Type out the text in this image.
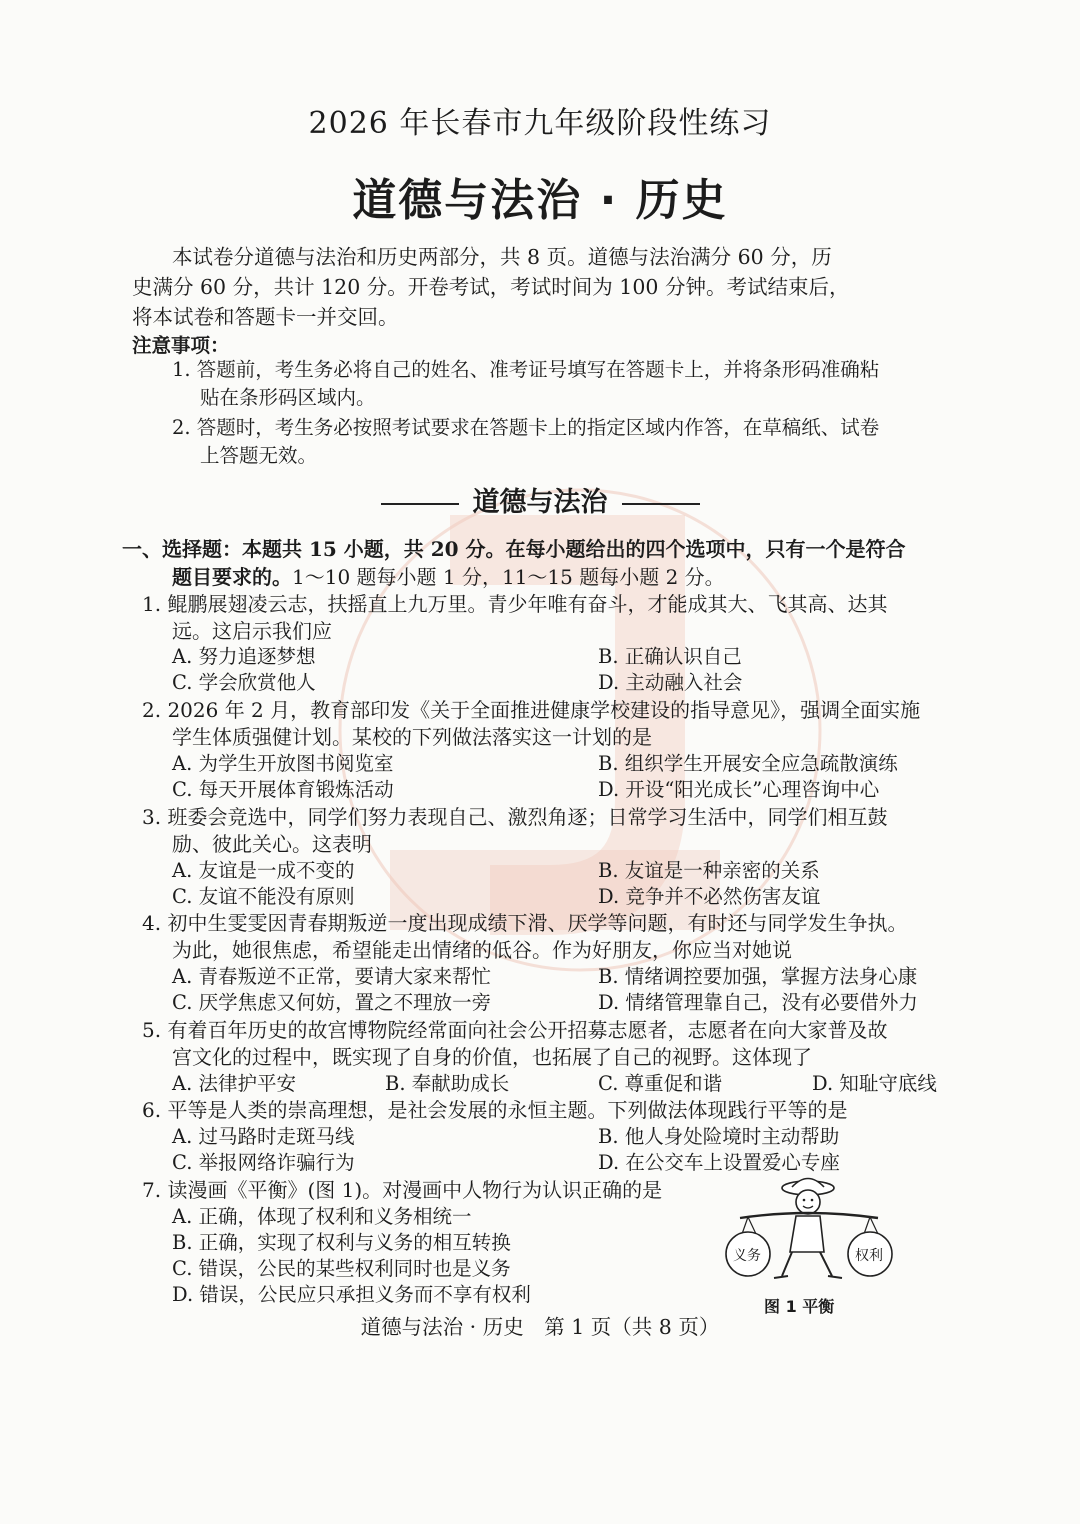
2026 年长春市九年级阶段性练习
道德与法治 · 历史
本试卷分道德与法治和历史两部分，共 8 页。道德与法治满分 60 分，历
史满分 60 分，共计 120 分。开卷考试，考试时间为 100 分钟。考试结束后，
将本试卷和答题卡一并交回。
注意事项：
1. 答题前，考生务必将自己的姓名、准考证号填写在答题卡上，并将条形码准确粘
贴在条形码区域内。
2. 答题时，考生务必按照考试要求在答题卡上的指定区域内作答，在草稿纸、试卷
上答题无效。
道德与法治
一、选择题：本题共 15 小题，共 20 分。在每小题给出的四个选项中，只有一个是符合
题目要求的。1～10 题每小题 1 分，11～15 题每小题 2 分。
1. 鲲鹏展翅凌云志，扶摇直上九万里。青少年唯有奋斗，才能成其大、飞其高、达其
远。这启示我们应
A. 努力追逐梦想	B. 正确认识自己
C. 学会欣赏他人	D. 主动融入社会
2. 2026 年 2 月，教育部印发《关于全面推进健康学校建设的指导意见》，强调全面实施
学生体质强健计划。某校的下列做法落实这一计划的是
A. 为学生开放图书阅览室	B. 组织学生开展安全应急疏散演练
C. 每天开展体育锻炼活动	D. 开设“阳光成长”心理咨询中心
3. 班委会竞选中，同学们努力表现自己、激烈角逐；日常学习生活中，同学们相互鼓
励、彼此关心。这表明
A. 友谊是一成不变的	B. 友谊是一种亲密的关系
C. 友谊不能没有原则	D. 竞争并不必然伤害友谊
4. 初中生雯雯因青春期叛逆一度出现成绩下滑、厌学等问题，有时还与同学发生争执。
为此，她很焦虑，希望能走出情绪的低谷。作为好朋友，你应当对她说
A. 青春叛逆不正常，要请大家来帮忙	B. 情绪调控要加强，掌握方法身心康
C. 厌学焦虑又何妨，置之不理放一旁	D. 情绪管理靠自己，没有必要借外力
5. 有着百年历史的故宫博物院经常面向社会公开招募志愿者，志愿者在向大家普及故
宫文化的过程中，既实现了自身的价值，也拓展了自己的视野。这体现了
A. 法律护平安	B. 奉献助成长	C. 尊重促和谐	D. 知耻守底线
6. 平等是人类的崇高理想，是社会发展的永恒主题。下列做法体现践行平等的是
A. 过马路时走斑马线	B. 他人身处险境时主动帮助
C. 举报网络诈骗行为	D. 在公交车上设置爱心专座
7. 读漫画《平衡》(图 1)。对漫画中人物行为认识正确的是
A. 正确，体现了权利和义务相统一
B. 正确，实现了权利与义务的相互转换
C. 错误，公民的某些权利同时也是义务
D. 错误，公民应只承担义务而不享有权利
义务	权利
图 1 平衡
道德与法治 · 历史　第 1 页（共 8 页）
